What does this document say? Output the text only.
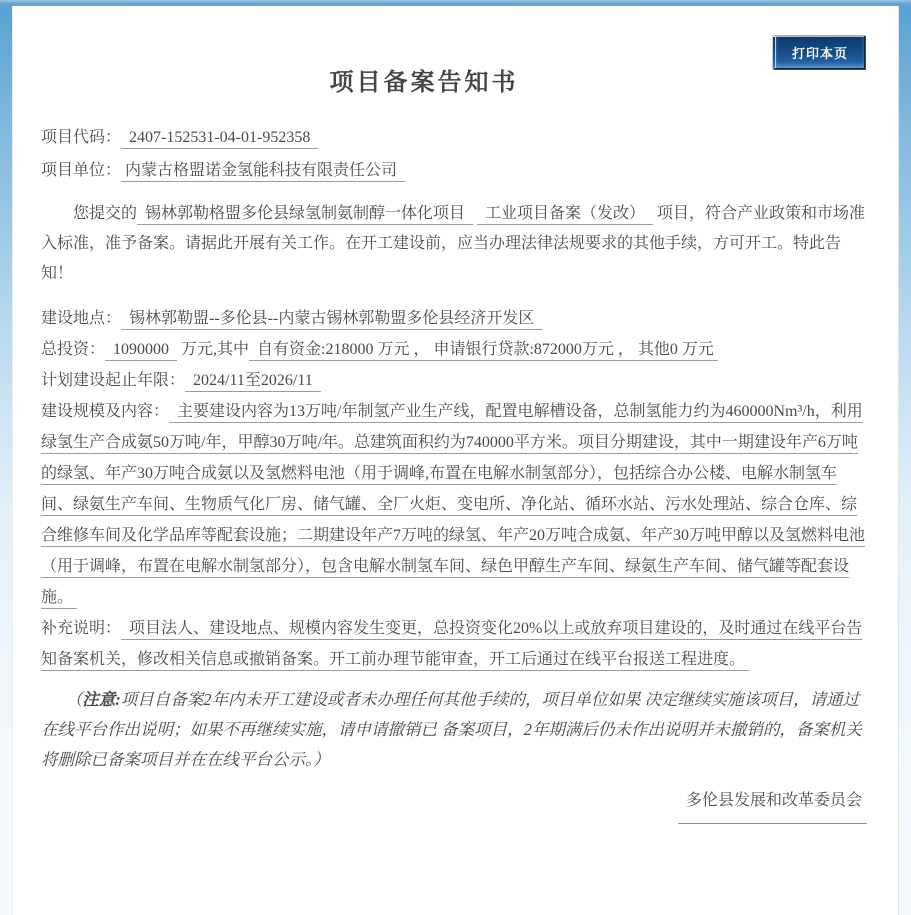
打印本页
项目备案告知书

项目代码：  2407-152531-04-01-952358

项目单位： 内蒙古格盟诺金氢能科技有限责任公司

您提交的  锡林郭勒格盟多伦县绿氢制氨制醇一体化项目     工业项目备案（发改）   项目，符合产业政策和市场准入标准，准予备案。请据此开展有关工作。在开工建设前，应当办理法律法规要求的其他手续，方可开工。特此告知！

建设地点：  锡林郭勒盟--多伦县--内蒙古锡林郭勒盟多伦县经济开发区

总投资：  1090000   万元,其中  自有资金:218000 万元 ， 申请银行贷款:872000万元 ， 其他0 万元

计划建设起止年限：  2024/11至2026/11

建设规模及内容：  主要建设内容为13万吨/年制氢产业生产线，配置电解槽设备，总制氢能力约为460000Nm³/h，利用绿氢生产合成氨50万吨/年，甲醇30万吨/年。总建筑面积约为740000平方米。项目分期建设，其中一期建设年产6万吨的绿氢、年产30万吨合成氨以及氢燃料电池（用于调峰,布置在电解水制氢部分），包括综合办公楼、电解水制氢车间、绿氨生产车间、生物质气化厂房、储气罐、全厂火炬、变电所、净化站、循环水站、污水处理站、综合仓库、综合维修车间及化学品库等配套设施；二期建设年产7万吨的绿氢、年产20万吨合成氨、年产30万吨甲醇以及氢燃料电池（用于调峰，布置在电解水制氢部分），包含电解水制氢车间、绿色甲醇生产车间、绿氨生产车间、储气罐等配套设施。

补充说明：  项目法人、建设地点、规模内容发生变更，总投资变化20%以上或放弃项目建设的，及时通过在线平台告知备案机关，修改相关信息或撤销备案。开工前办理节能审查，开工后通过在线平台报送工程进度。

（注意:项目自备案2年内未开工建设或者未办理任何其他手续的，项目单位如果 决定继续实施该项目，请通过在线平台作出说明；如果不再继续实施，请申请撤销已 备案项目，2年期满后仍未作出说明并未撤销的，备案机关将删除已备案项目并在在线平台公示。）

多伦县发展和改革委员会
